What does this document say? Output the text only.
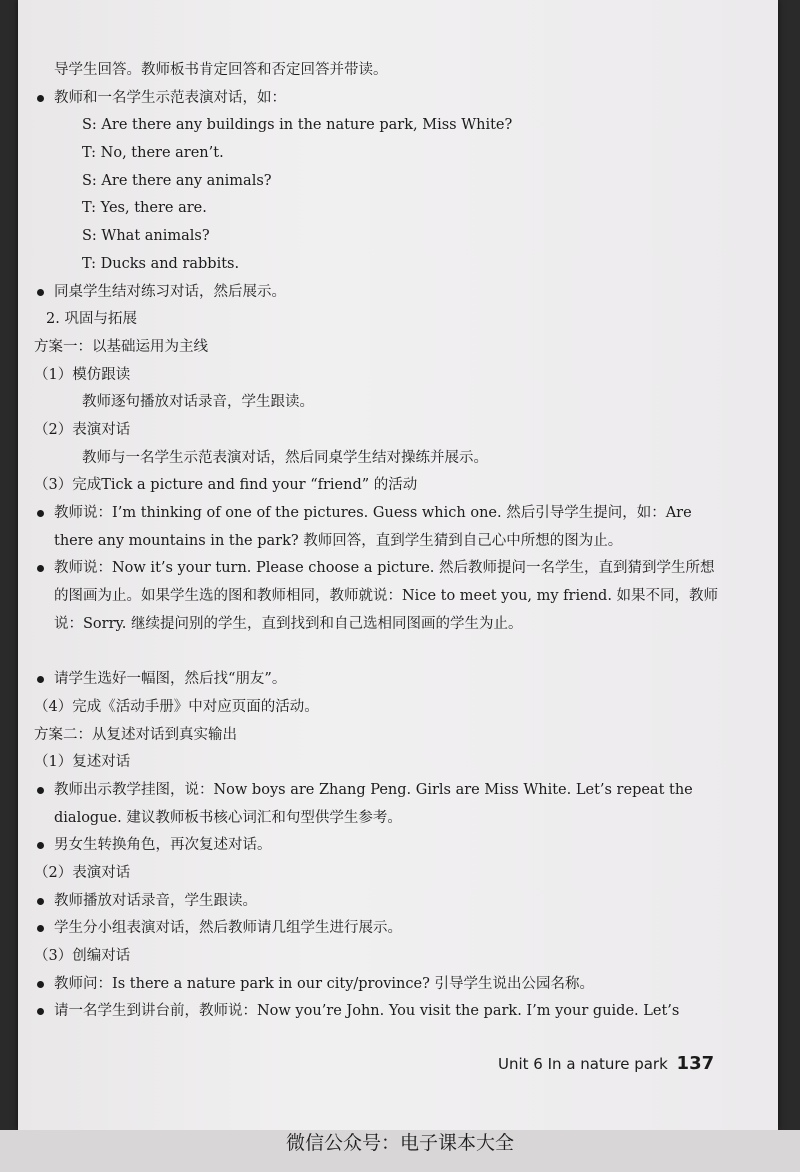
导学生回答。教师板书肯定回答和否定回答并带读。
教师和一名学生示范表演对话，如：
S: Are there any buildings in the nature park, Miss White?
T: No, there aren’t.
S: Are there any animals?
T: Yes, there are.
S: What animals?
T: Ducks and rabbits.
同桌学生结对练习对话，然后展示。
2. 巩固与拓展
方案一：以基础运用为主线
（1）模仿跟读
教师逐句播放对话录音，学生跟读。
（2）表演对话
教师与一名学生示范表演对话，然后同桌学生结对操练并展示。
（3）完成Tick a picture and find your “friend” 的活动
教师说：I’m thinking of one of the pictures. Guess which one. 然后引导学生提问，如：Are there any mountains in the park? 教师回答，直到学生猜到自己心中所想的图为止。
教师说：Now it’s your turn. Please choose a picture. 然后教师提问一名学生，直到猜到学生所想的图画为止。如果学生选的图和教师相同，教师就说：Nice to meet you, my friend. 如果不同，教师说：Sorry. 继续提问别的学生，直到找到和自己选相同图画的学生为止。
请学生选好一幅图，然后找“朋友”。
（4）完成《活动手册》中对应页面的活动。
方案二：从复述对话到真实输出
（1）复述对话
教师出示教学挂图，说：Now boys are Zhang Peng. Girls are Miss White. Let’s repeat the dialogue. 建议教师板书核心词汇和句型供学生参考。
男女生转换角色，再次复述对话。
（2）表演对话
教师播放对话录音，学生跟读。
学生分小组表演对话，然后教师请几组学生进行展示。
（3）创编对话
教师问：Is there a nature park in our city/province? 引导学生说出公园名称。
请一名学生到讲台前，教师说：Now you’re John. You visit the park. I’m your guide. Let’s
Unit 6 In a nature park 137
微信公众号：电子课本大全
